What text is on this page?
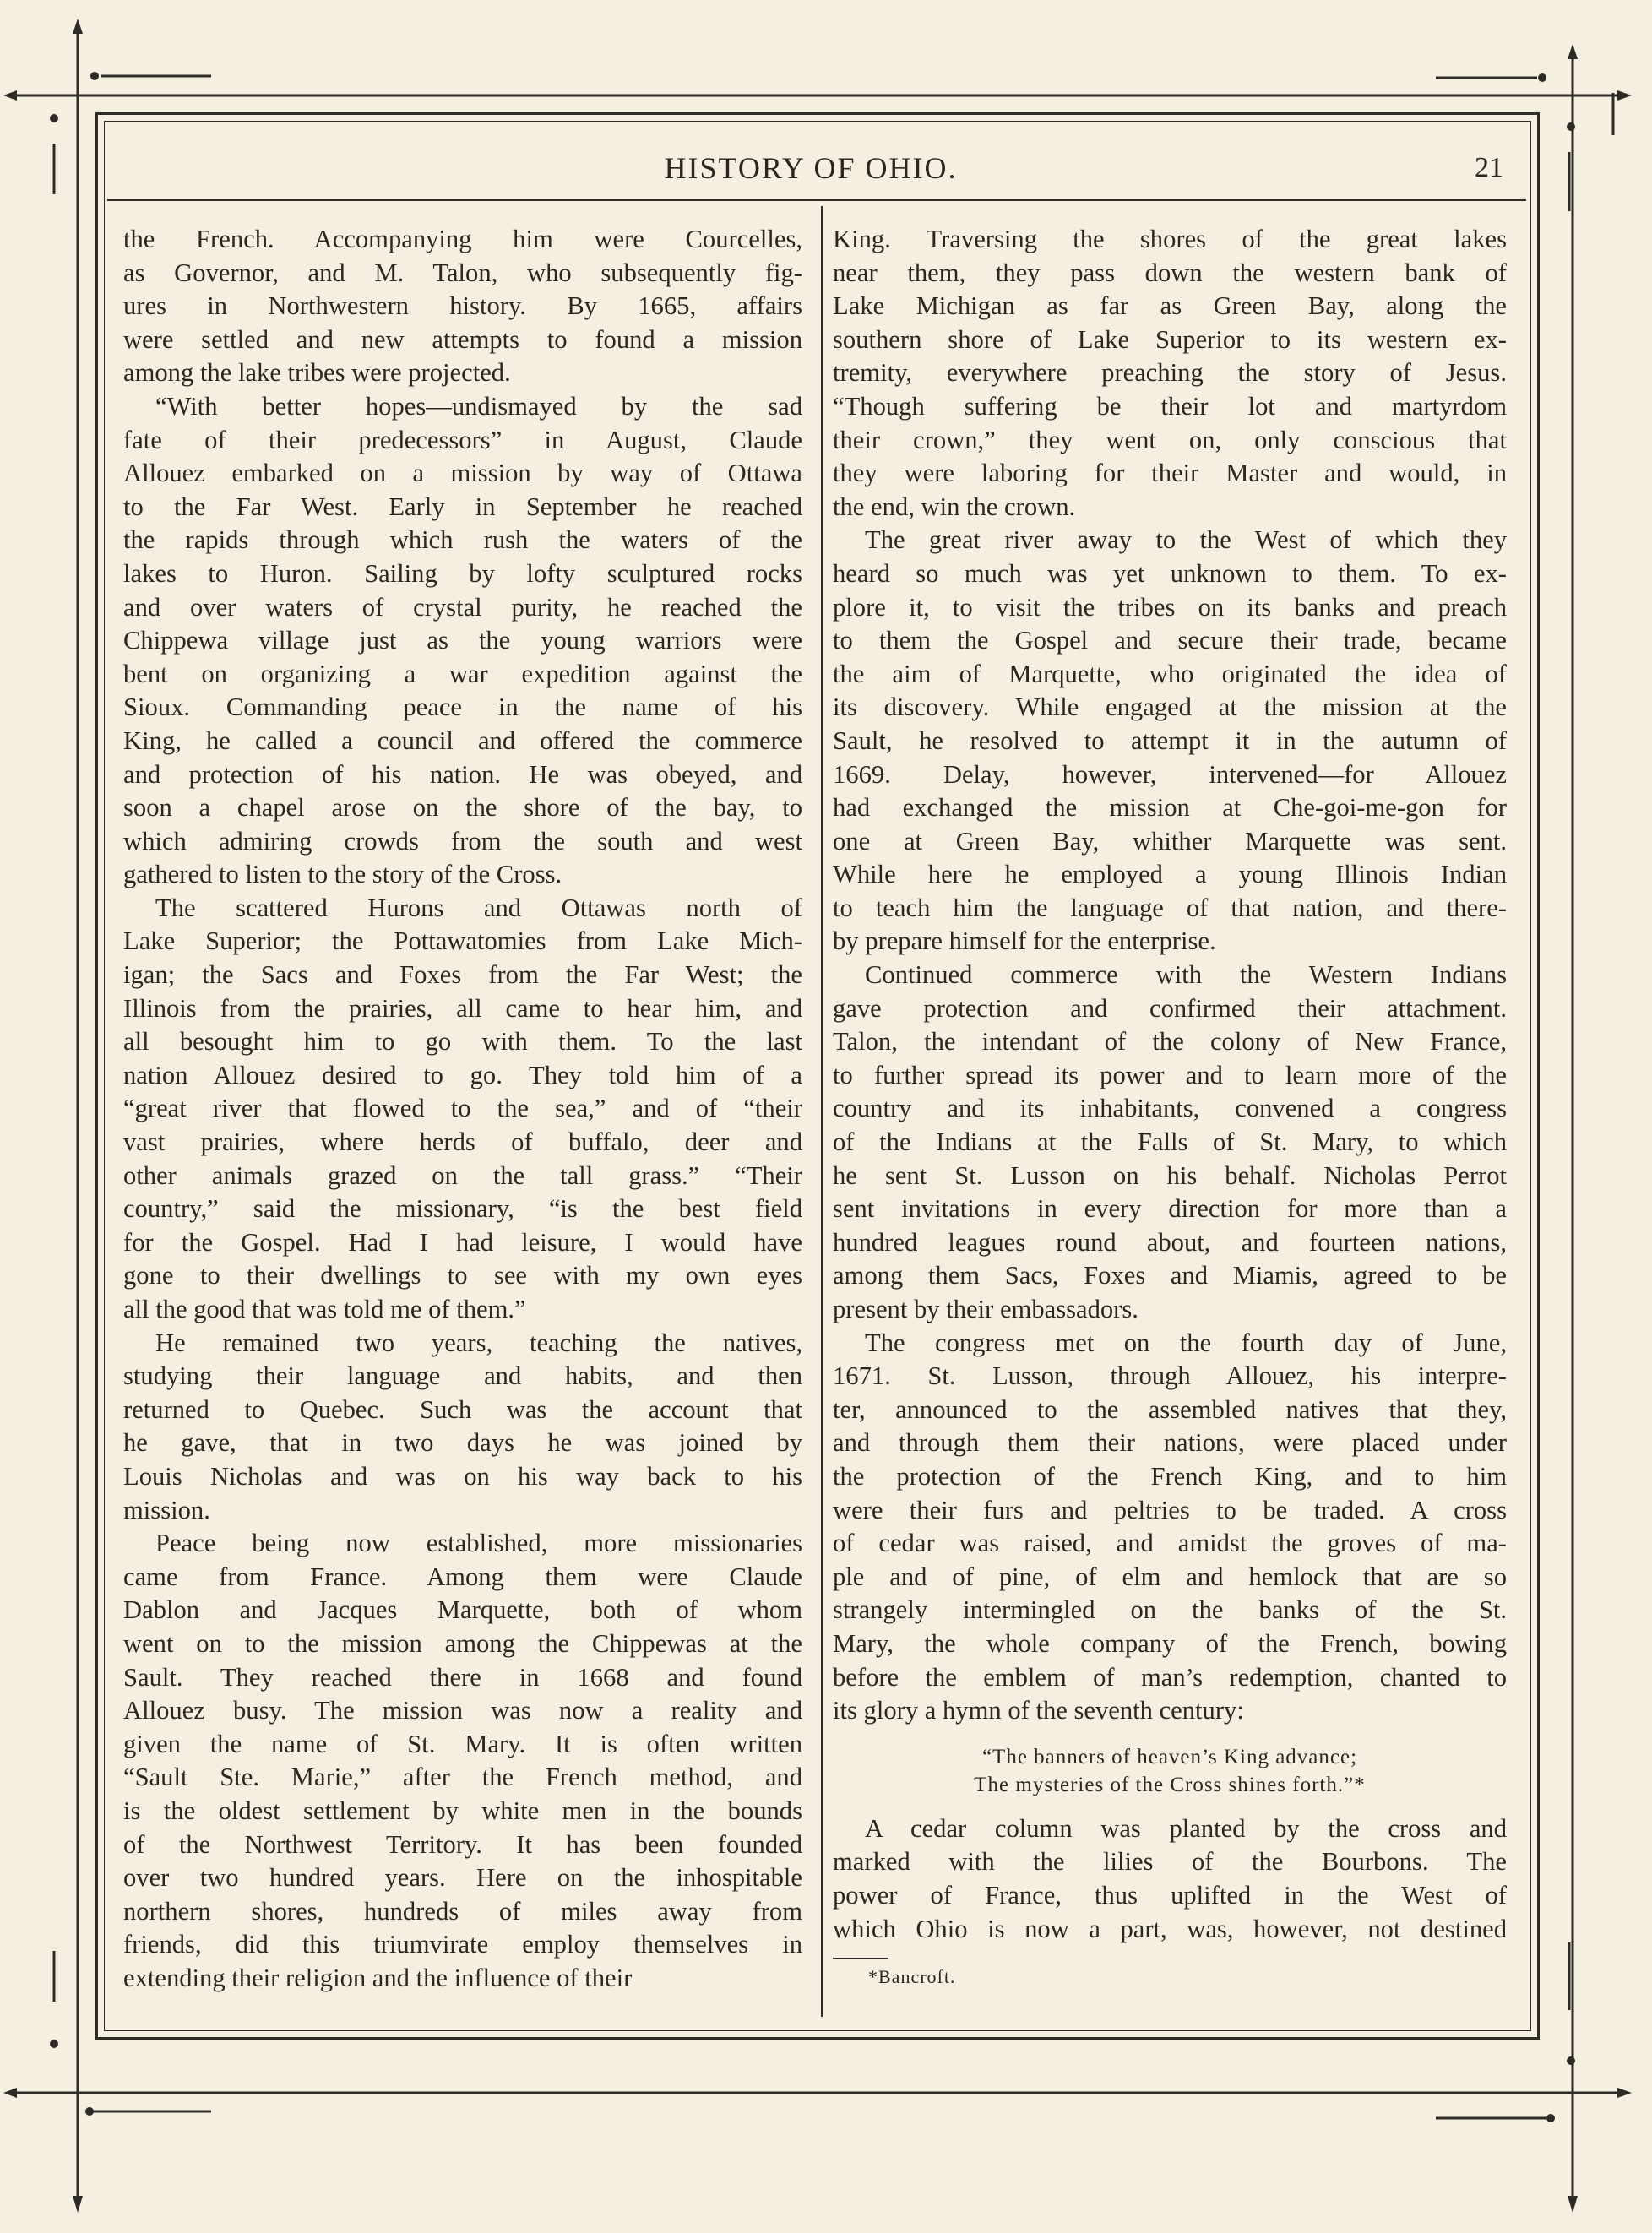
HISTORY OF OHIO.	21
the French. Accompanying him were Courcelles,
as Governor, and M. Talon, who subsequently fig-
ures in Northwestern history. By 1665, affairs
were settled and new attempts to found a mission
among the lake tribes were projected.
“With better hopes—undismayed by the sad
fate of their predecessors” in August, Claude
Allouez embarked on a mission by way of Ottawa
to the Far West. Early in September he reached
the rapids through which rush the waters of the
lakes to Huron. Sailing by lofty sculptured rocks
and over waters of crystal purity, he reached the
Chippewa village just as the young warriors were
bent on organizing a war expedition against the
Sioux. Commanding peace in the name of his
King, he called a council and offered the commerce
and protection of his nation. He was obeyed, and
soon a chapel arose on the shore of the bay, to
which admiring crowds from the south and west
gathered to listen to the story of the Cross.
The scattered Hurons and Ottawas north of
Lake Superior; the Pottawatomies from Lake Mich-
igan; the Sacs and Foxes from the Far West; the
Illinois from the prairies, all came to hear him, and
all besought him to go with them. To the last
nation Allouez desired to go. They told him of a
“great river that flowed to the sea,” and of “their
vast prairies, where herds of buffalo, deer and
other animals grazed on the tall grass.” “Their
country,” said the missionary, “is the best field
for the Gospel. Had I had leisure, I would have
gone to their dwellings to see with my own eyes
all the good that was told me of them.”
He remained two years, teaching the natives,
studying their language and habits, and then
returned to Quebec. Such was the account that
he gave, that in two days he was joined by
Louis Nicholas and was on his way back to his
mission.
Peace being now established, more missionaries
came from France. Among them were Claude
Dablon and Jacques Marquette, both of whom
went on to the mission among the Chippewas at the
Sault. They reached there in 1668 and found
Allouez busy. The mission was now a reality and
given the name of St. Mary. It is often written
“Sault Ste. Marie,” after the French method, and
is the oldest settlement by white men in the bounds
of the Northwest Territory. It has been founded
over two hundred years. Here on the inhospitable
northern shores, hundreds of miles away from
friends, did this triumvirate employ themselves in
extending their religion and the influence of their
King. Traversing the shores of the great lakes
near them, they pass down the western bank of
Lake Michigan as far as Green Bay, along the
southern shore of Lake Superior to its western ex-
tremity, everywhere preaching the story of Jesus.
“Though suffering be their lot and martyrdom
their crown,” they went on, only conscious that
they were laboring for their Master and would, in
the end, win the crown.
The great river away to the West of which they
heard so much was yet unknown to them. To ex-
plore it, to visit the tribes on its banks and preach
to them the Gospel and secure their trade, became
the aim of Marquette, who originated the idea of
its discovery. While engaged at the mission at the
Sault, he resolved to attempt it in the autumn of
1669. Delay, however, intervened—for Allouez
had exchanged the mission at Che-goi-me-gon for
one at Green Bay, whither Marquette was sent.
While here he employed a young Illinois Indian
to teach him the language of that nation, and there-
by prepare himself for the enterprise.
Continued commerce with the Western Indians
gave protection and confirmed their attachment.
Talon, the intendant of the colony of New France,
to further spread its power and to learn more of the
country and its inhabitants, convened a congress
of the Indians at the Falls of St. Mary, to which
he sent St. Lusson on his behalf. Nicholas Perrot
sent invitations in every direction for more than a
hundred leagues round about, and fourteen nations,
among them Sacs, Foxes and Miamis, agreed to be
present by their embassadors.
The congress met on the fourth day of June,
1671. St. Lusson, through Allouez, his interpre-
ter, announced to the assembled natives that they,
and through them their nations, were placed under
the protection of the French King, and to him
were their furs and peltries to be traded. A cross
of cedar was raised, and amidst the groves of ma-
ple and of pine, of elm and hemlock that are so
strangely intermingled on the banks of the St.
Mary, the whole company of the French, bowing
before the emblem of man’s redemption, chanted to
its glory a hymn of the seventh century:
“The banners of heaven’s King advance;
The mysteries of the Cross shines forth.”*
A cedar column was planted by the cross and
marked with the lilies of the Bourbons. The
power of France, thus uplifted in the West of
which Ohio is now a part, was, however, not destined
*Bancroft.
